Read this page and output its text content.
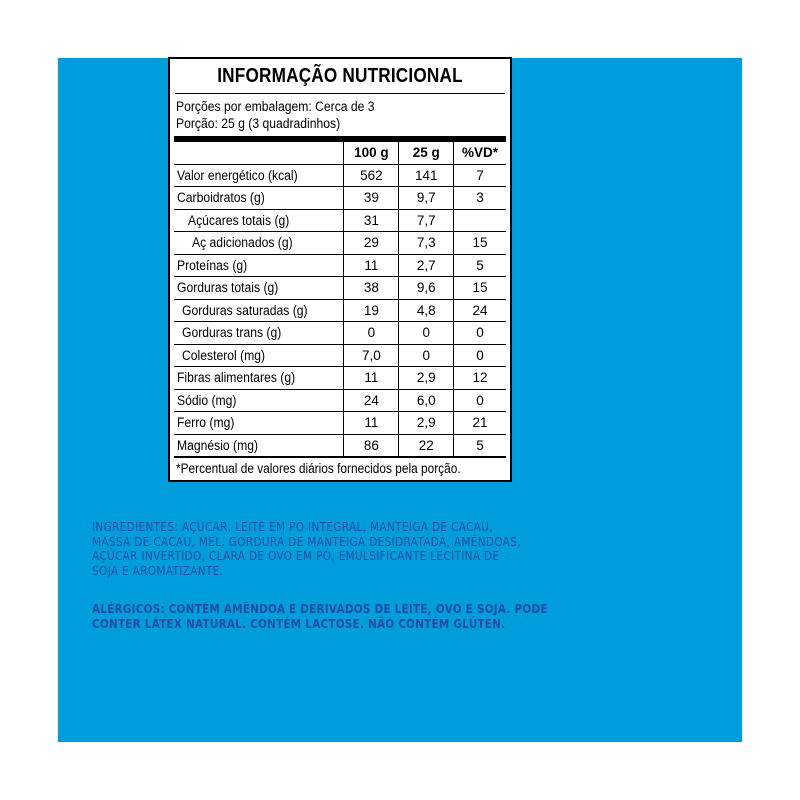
INFORMAÇÃO NUTRICIONAL
Porções por embalagem: Cerca de 3
Porção: 25 g (3 quadradinhos)
	100 g	25 g	%VD*
Valor energético (kcal)	562	141	7
Carboidratos (g)	39	9,7	3
Açúcares totais (g)	31	7,7	
Aç adicionados (g)	29	7,3	15
Proteínas (g)	11	2,7	5
Gorduras totais (g)	38	9,6	15
Gorduras saturadas (g)	19	4,8	24
Gorduras trans (g)	0	0	0
Colesterol (mg)	7,0	0	0
Fibras alimentares (g)	11	2,9	12
Sódio (mg)	24	6,0	0
Ferro (mg)	11	2,9	21
Magnésio (mg)	86	22	5
*Percentual de valores diários fornecidos pela porção.

INGREDIENTES: AÇÚCAR, LEITE EM PÓ INTEGRAL, MANTEIGA DE CACAU,

MASSA DE CACAU, MEL, GORDURA DE MANTEIGA DESIDRATADA, AMÊNDOAS,

AÇÚCAR INVERTIDO, CLARA DE OVO EM PÓ, EMULSIFICANTE LECITINA DE

SOJA E AROMATIZANTE.

ALÉRGICOS: CONTÉM AMÊNDOA E DERIVADOS DE LEITE, OVO E SOJA. PODE

CONTER LÁTEX NATURAL. CONTÉM LACTOSE. NÃO CONTÉM GLÚTEN.
